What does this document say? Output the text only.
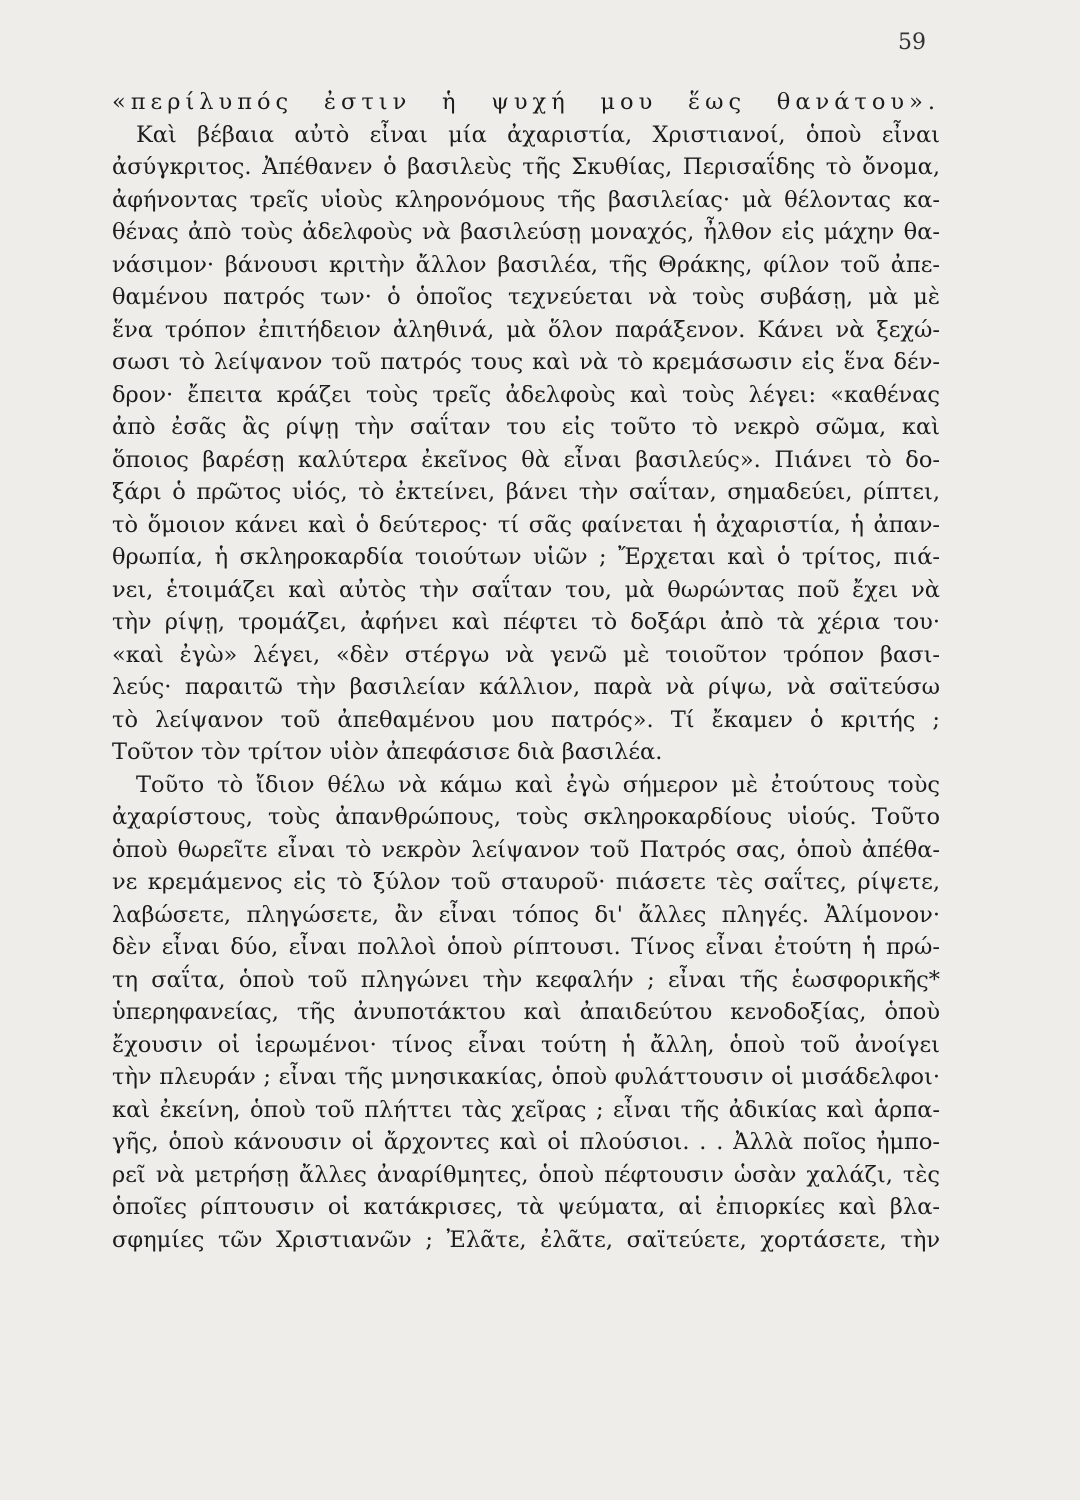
59
«περίλυπός ἐστιν ἡ ψυχή μου ἕως θανάτου».
Καὶ βέβαια αὐτὸ εἶναι μία ἀχαριστία, Χριστιανοί, ὁποὺ εἶναι
ἀσύγκριτος. Ἀπέθανεν ὁ βασιλεὺς τῆς Σκυθίας, Περισαΐδης τὸ ὄνομα,
ἀφήνοντας τρεῖς υἱοὺς κληρονόμους τῆς βασιλείας· μὰ θέλοντας κα-
θένας ἀπὸ τοὺς ἀδελφοὺς νὰ βασιλεύσῃ μοναχός, ἦλθον εἰς μάχην θα-
νάσιμον· βάνουσι κριτὴν ἄλλον βασιλέα, τῆς Θράκης, φίλον τοῦ ἀπε-
θαμένου πατρός των· ὁ ὁποῖος τεχνεύεται νὰ τοὺς συβάσῃ, μὰ μὲ
ἕνα τρόπον ἐπιτήδειον ἀληθινά, μὰ ὅλον παράξενον. Κάνει νὰ ξεχώ-
σωσι τὸ λείψανον τοῦ πατρός τους καὶ νὰ τὸ κρεμάσωσιν εἰς ἕνα δέν-
δρον· ἔπειτα κράζει τοὺς τρεῖς ἀδελφοὺς καὶ τοὺς λέγει: «καθένας
ἀπὸ ἐσᾶς ἂς ρίψῃ τὴν σαΐταν του εἰς τοῦτο τὸ νεκρὸ σῶμα, καὶ
ὅποιος βαρέσῃ καλύτερα ἐκεῖνος θὰ εἶναι βασιλεύς». Πιάνει τὸ δο-
ξάρι ὁ πρῶτος υἱός, τὸ ἐκτείνει, βάνει τὴν σαΐταν, σημαδεύει, ρίπτει,
τὸ ὅμοιον κάνει καὶ ὁ δεύτερος· τί σᾶς φαίνεται ἡ ἀχαριστία, ἡ ἀπαν-
θρωπία, ἡ σκληροκαρδία τοιούτων υἱῶν ; Ἔρχεται καὶ ὁ τρίτος, πιά-
νει, ἑτοιμάζει καὶ αὐτὸς τὴν σαΐταν του, μὰ θωρώντας ποῦ ἔχει νὰ
τὴν ρίψῃ, τρομάζει, ἀφήνει καὶ πέφτει τὸ δοξάρι ἀπὸ τὰ χέρια του·
«καὶ ἐγὼ» λέγει, «δὲν στέργω νὰ γενῶ μὲ τοιοῦτον τρόπον βασι-
λεύς· παραιτῶ τὴν βασιλείαν κάλλιον, παρὰ νὰ ρίψω, νὰ σαϊτεύσω
τὸ λείψανον τοῦ ἀπεθαμένου μου πατρός». Τί ἔκαμεν ὁ κριτής ;
Τοῦτον τὸν τρίτον υἱὸν ἀπεφάσισε διὰ βασιλέα.
Τοῦτο τὸ ἴδιον θέλω νὰ κάμω καὶ ἐγὼ σήμερον μὲ ἐτούτους τοὺς
ἀχαρίστους, τοὺς ἀπανθρώπους, τοὺς σκληροκαρδίους υἱούς. Τοῦτο
ὁποὺ θωρεῖτε εἶναι τὸ νεκρὸν λείψανον τοῦ Πατρός σας, ὁποὺ ἀπέθα-
νε κρεμάμενος εἰς τὸ ξύλον τοῦ σταυροῦ· πιάσετε τὲς σαΐτες, ρίψετε,
λαβώσετε, πληγώσετε, ἂν εἶναι τόπος δι' ἄλλες πληγές. Ἀλίμονον·
δὲν εἶναι δύο, εἶναι πολλοὶ ὁποὺ ρίπτουσι. Τίνος εἶναι ἐτούτη ἡ πρώ-
τη σαΐτα, ὁποὺ τοῦ πληγώνει τὴν κεφαλήν ; εἶναι τῆς ἑωσφορικῆς*
ὑπερηφανείας, τῆς ἀνυποτάκτου καὶ ἀπαιδεύτου κενοδοξίας, ὁποὺ
ἔχουσιν οἱ ἱερωμένοι· τίνος εἶναι τούτη ἡ ἄλλη, ὁποὺ τοῦ ἀνοίγει
τὴν πλευράν ; εἶναι τῆς μνησικακίας, ὁποὺ φυλάττουσιν οἱ μισάδελφοι·
καὶ ἐκείνη, ὁποὺ τοῦ πλήττει τὰς χεῖρας ; εἶναι τῆς ἀδικίας καὶ ἁρπα-
γῆς, ὁποὺ κάνουσιν οἱ ἄρχοντες καὶ οἱ πλούσιοι. . . Ἀλλὰ ποῖος ἠμπο-
ρεῖ νὰ μετρήσῃ ἄλλες ἀναρίθμητες, ὁποὺ πέφτουσιν ὡσὰν χαλάζι, τὲς
ὁποῖες ρίπτουσιν οἱ κατάκρισες, τὰ ψεύματα, αἱ ἐπιορκίες καὶ βλα-
σφημίες τῶν Χριστιανῶν ; Ἐλᾶτε, ἐλᾶτε, σαϊτεύετε, χορτάσετε, τὴν
